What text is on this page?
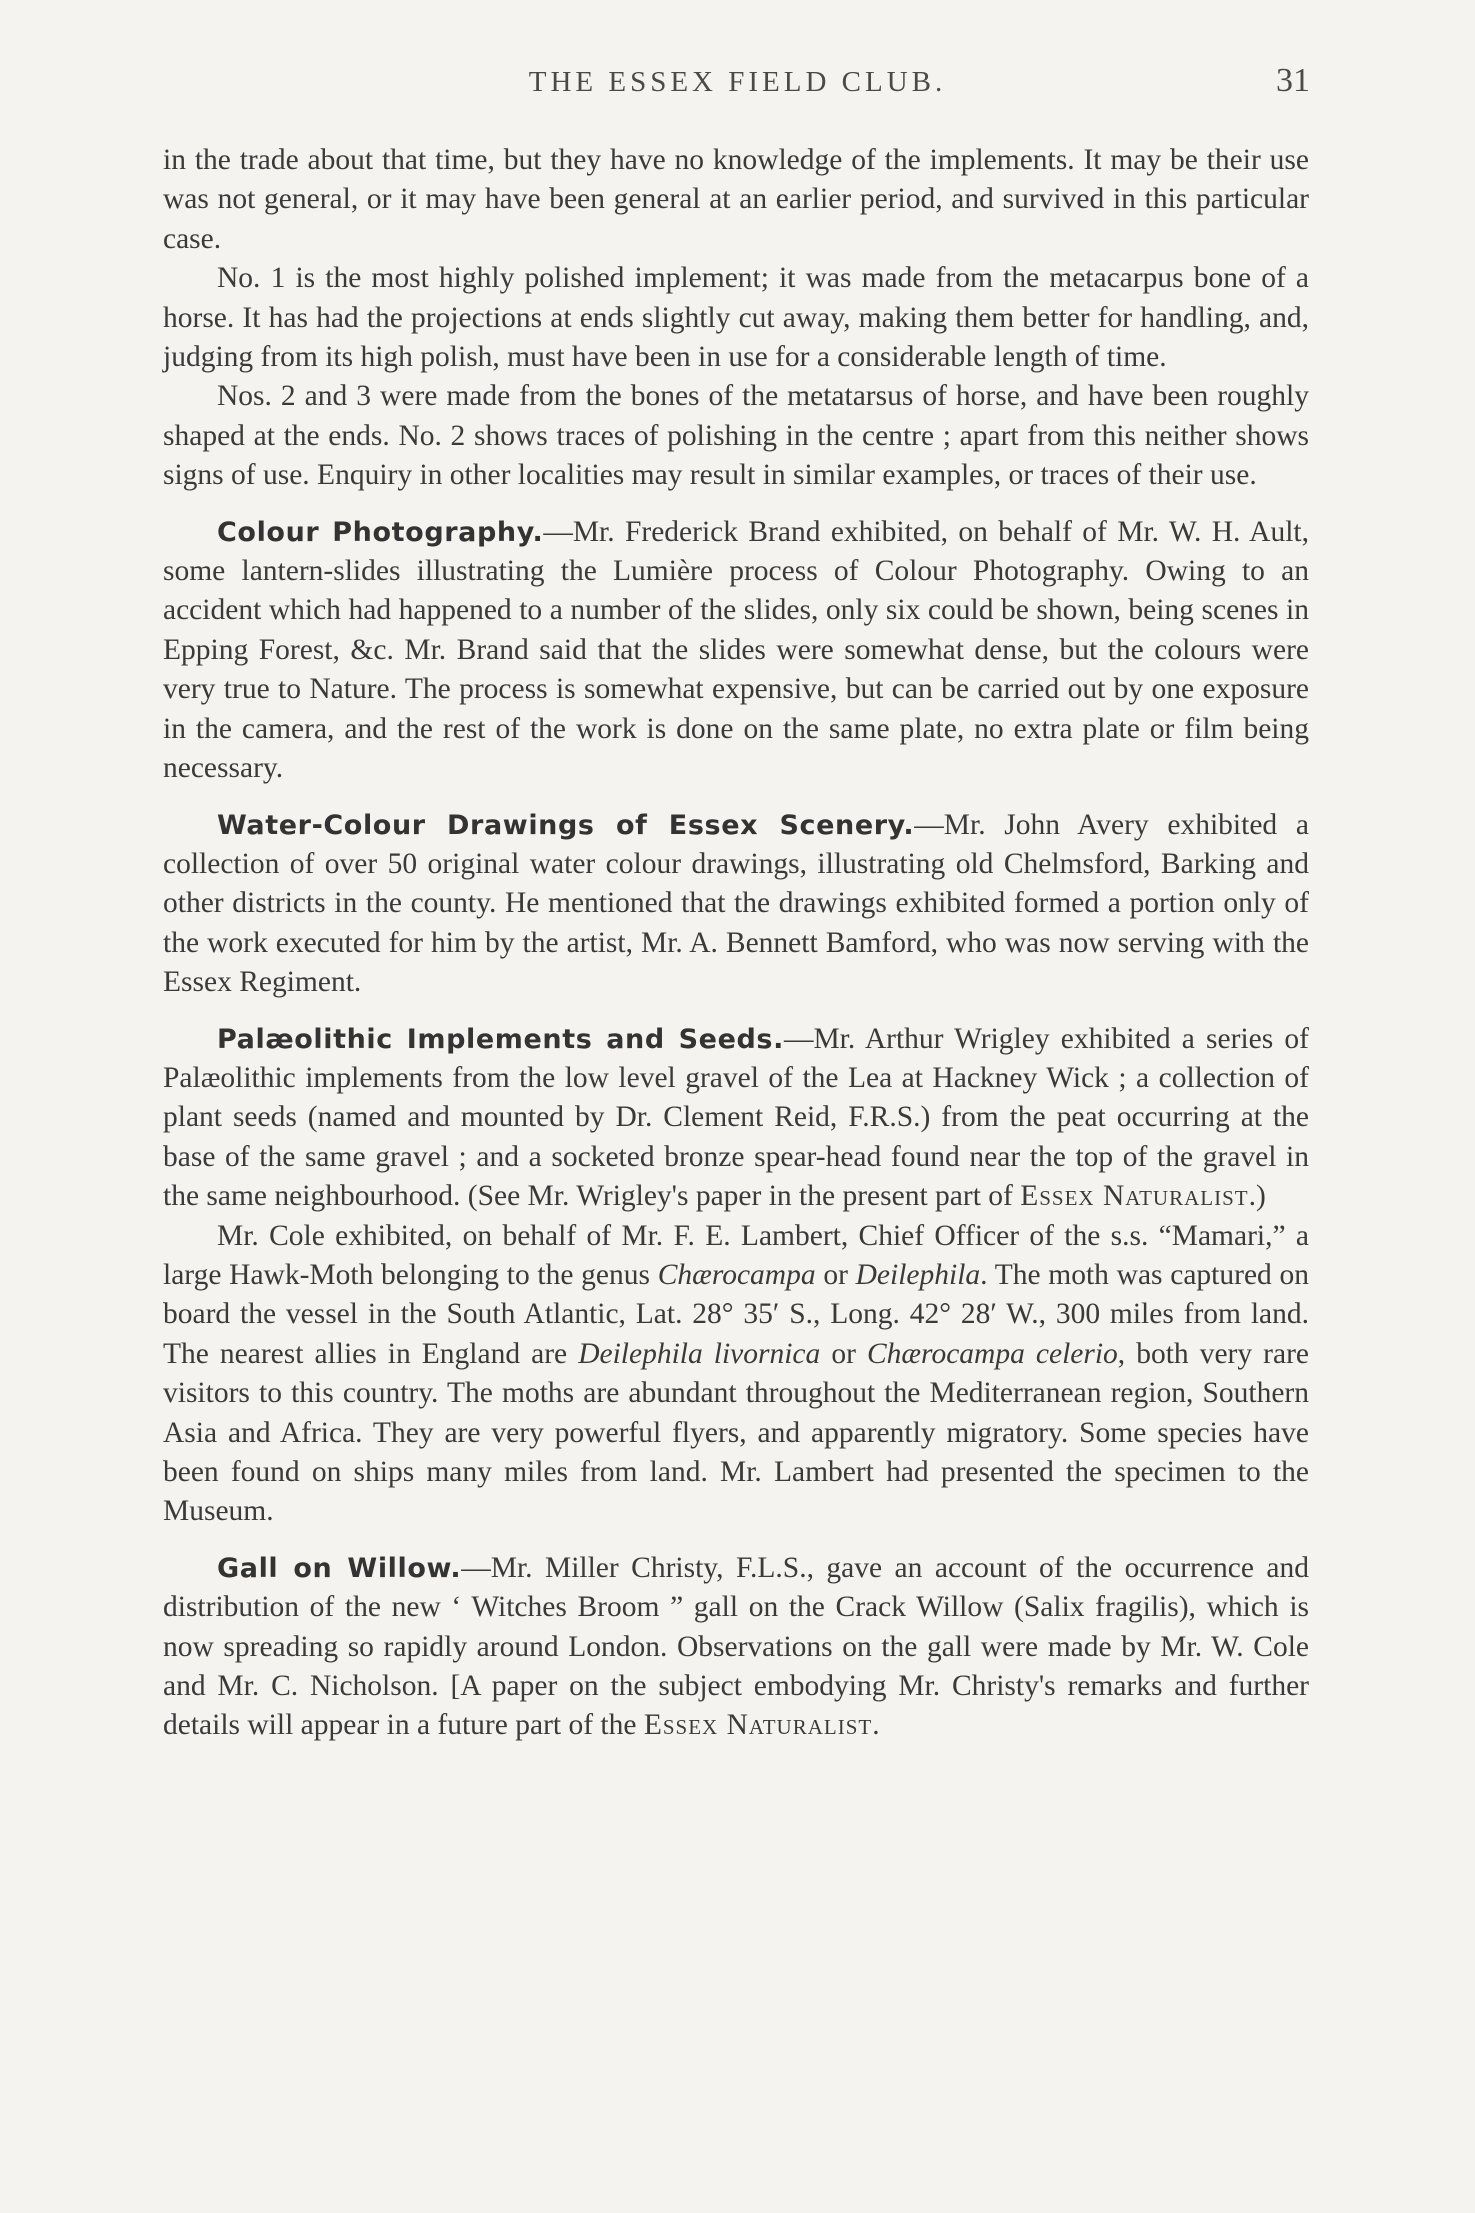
THE ESSEX FIELD CLUB.	31

in the trade about that time, but they have no knowledge of the implements. It may be their use was not general, or it may have been general at an earlier period, and survived in this particular case.

No. 1 is the most highly polished implement; it was made from the metacarpus bone of a horse. It has had the projections at ends slightly cut away, making them better for handling, and, judging from its high polish, must have been in use for a considerable length of time.

Nos. 2 and 3 were made from the bones of the metatarsus of horse, and have been roughly shaped at the ends. No. 2 shows traces of polishing in the centre ; apart from this neither shows signs of use. Enquiry in other localities may result in similar examples, or traces of their use.

Colour Photography.—Mr. Frederick Brand exhibited, on behalf of Mr. W. H. Ault, some lantern-slides illustrating the Lumière process of Colour Photography. Owing to an accident which had happened to a number of the slides, only six could be shown, being scenes in Epping Forest, &c. Mr. Brand said that the slides were somewhat dense, but the colours were very true to Nature. The process is somewhat expensive, but can be carried out by one exposure in the camera, and the rest of the work is done on the same plate, no extra plate or film being necessary.

Water-Colour Drawings of Essex Scenery.—Mr. John Avery exhibited a collection of over 50 original water colour drawings, illustrating old Chelmsford, Barking and other districts in the county. He mentioned that the drawings exhibited formed a portion only of the work executed for him by the artist, Mr. A. Bennett Bamford, who was now serving with the Essex Regiment.

Palæolithic Implements and Seeds.—Mr. Arthur Wrigley exhibited a series of Palæolithic implements from the low level gravel of the Lea at Hackney Wick ; a collection of plant seeds (named and mounted by Dr. Clement Reid, F.R.S.) from the peat occurring at the base of the same gravel ; and a socketed bronze spear-head found near the top of the gravel in the same neighbourhood. (See Mr. Wrigley's paper in the present part of Essex Naturalist.)

Mr. Cole exhibited, on behalf of Mr. F. E. Lambert, Chief Officer of the s.s. “Mamari,” a large Hawk-Moth belonging to the genus Chærocampa or Deilephila. The moth was captured on board the vessel in the South Atlantic, Lat. 28° 35′ S., Long. 42° 28′ W., 300 miles from land. The nearest allies in England are Deilephila livornica or Chærocampa celerio, both very rare visitors to this country. The moths are abundant throughout the Mediterranean region, Southern Asia and Africa. They are very powerful flyers, and apparently migratory. Some species have been found on ships many miles from land. Mr. Lambert had presented the specimen to the Museum.

Gall on Willow.—Mr. Miller Christy, F.L.S., gave an account of the occurrence and distribution of the new ‘ Witches Broom ” gall on the Crack Willow (Salix fragilis), which is now spreading so rapidly around London. Observations on the gall were made by Mr. W. Cole and Mr. C. Nicholson. [A paper on the subject embodying Mr. Christy's remarks and further details will appear in a future part of the Essex Naturalist.
